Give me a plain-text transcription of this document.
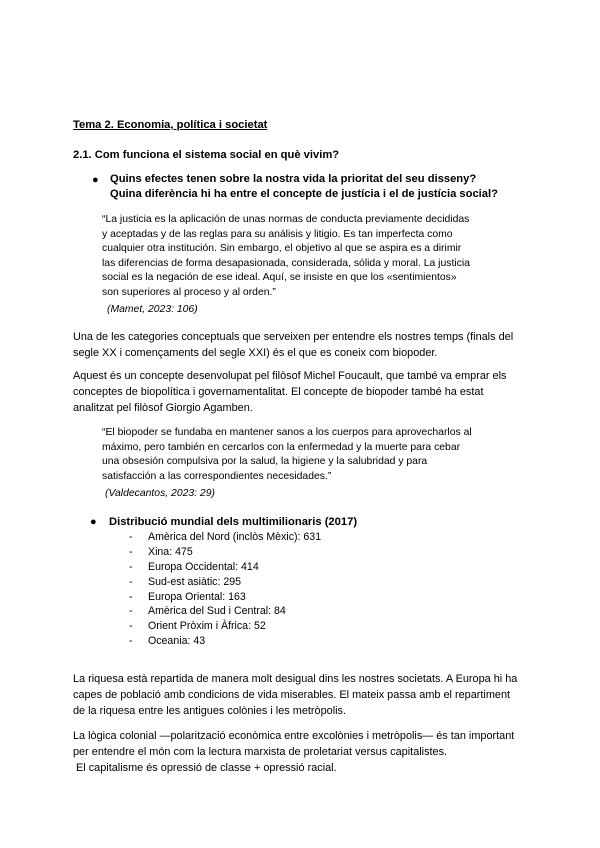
Tema 2. Economia, política i societat
2.1. Com funciona el sistema social en què vivim?
● Quins efectes tenen sobre la nostra vida la prioritat del seu disseny?
Quina diferència hi ha entre el concepte de justícia i el de justícia social?
“La justicia es la aplicación de unas normas de conducta previamente decididas
y aceptadas y de las reglas para su análisis y litigio. Es tan imperfecta como
cualquier otra institución. Sin embargo, el objetivo al que se aspira es a dirimir
las diferencias de forma desapasionada, considerada, sólida y moral. La justicia
social es la negación de ese ideal. Aquí, se insiste en que los «sentimientos»
son superiores al proceso y al orden.”
(Mamet, 2023: 106)
Una de les categories conceptuals que serveixen per entendre els nostres temps (finals del
segle XX i començaments del segle XXI) és el que es coneix com biopoder.
Aquest és un concepte desenvolupat pel filòsof Michel Foucault, que també va emprar els
conceptes de biopolítica i governamentalitat. El concepte de biopoder també ha estat
analitzat pel filòsof Giorgio Agamben.
“El biopoder se fundaba en mantener sanos a los cuerpos para aprovecharlos al
máximo, pero también en cercarlos con la enfermedad y la muerte para cebar
una obsesión compulsiva por la salud, la higiene y la salubridad y para
satisfacción a las correspondientes necesidades.”
(Valdecantos, 2023: 29)
● Distribució mundial dels multimilionaris (2017)
- Amèrica del Nord (inclòs Mèxic): 631
- Xina: 475
- Europa Occidental: 414
- Sud-est asiàtic: 295
- Europa Oriental: 163
- Amèrica del Sud i Central: 84
- Orient Pròxim i Àfrica: 52
- Oceania: 43
La riquesa està repartida de manera molt desigual dins les nostres societats. A Europa hi ha
capes de població amb condicions de vida miserables. El mateix passa amb el repartiment
de la riquesa entre les antigues colònies i les metròpolis.
La lògica colonial —polarització econòmica entre excolònies i metròpolis— és tan important
per entendre el món com la lectura marxista de proletariat versus capitalistes.
El capitalisme és opressió de classe + opressió racial.
